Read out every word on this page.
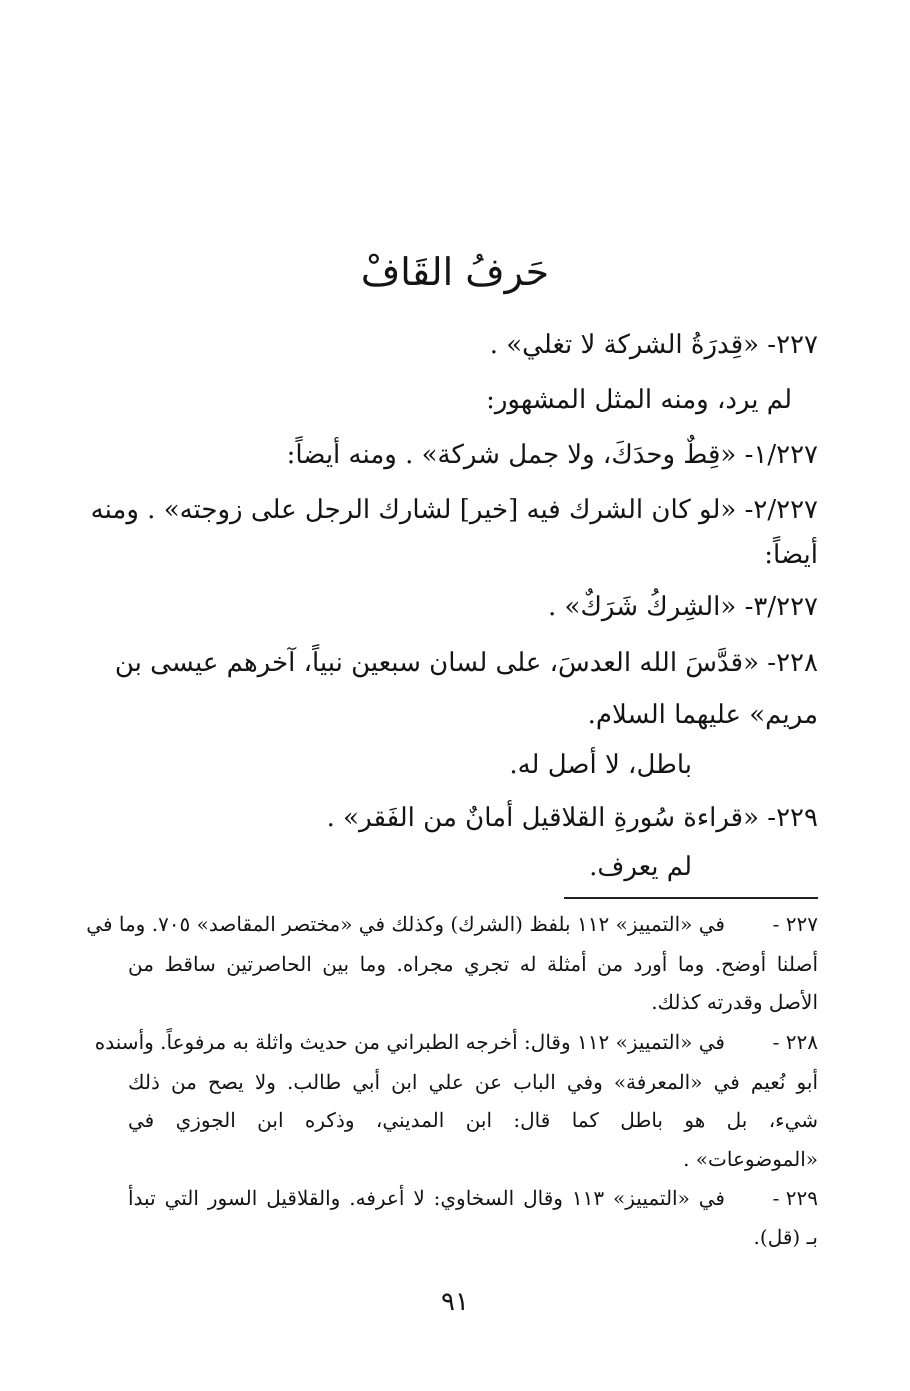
حَرفُ القَافْ
٢٢٧- «قِدرَةُ الشركة لا تغلي» .
لم يرد، ومنه المثل المشهور:
١/٢٢٧- «قِطٌ وحدَكَ، ولا جمل شركة» . ومنه أيضاً:
٢/٢٢٧- «لو كان الشرك فيه [خير] لشارك الرجل على زوجته» . ومنه
أيضاً:
٣/٢٢٧- «الشِركُ شَرَكٌ» .
٢٢٨- «قدَّسَ الله العدسَ، على لسان سبعين نبياً، آخرهم عيسى بن
مريم» عليهما السلام.
باطل، لا أصل له.
٢٢٩- «قراءة سُورةِ القلاقيل أمانٌ من الفَقر» .
لم يعرف.
٢٢٧ -
في «التمييز» ١١٢ بلفظ (الشرك) وكذلك في «مختصر المقاصد» ٧٠٥. وما في
أصلنا أوضح. وما أورد من أمثلة له تجري مجراه. وما بين الحاصرتين ساقط من
الأصل وقدرته كذلك.
٢٢٨ -
في «التمييز» ١١٢ وقال: أخرجه الطبراني من حديث واثلة به مرفوعاً. وأسنده
أبو نُعيم في «المعرفة» وفي الباب عن علي ابن أبي طالب. ولا يصح من ذلك
شيء، بل هو باطل كما قال: ابن المديني، وذكره ابن الجوزي في
«الموضوعات» .
٢٢٩ -
في «التمييز» ١١٣ وقال السخاوي: لا أعرفه. والقلاقيل السور التي تبدأ
بـ (قل).
٩١
